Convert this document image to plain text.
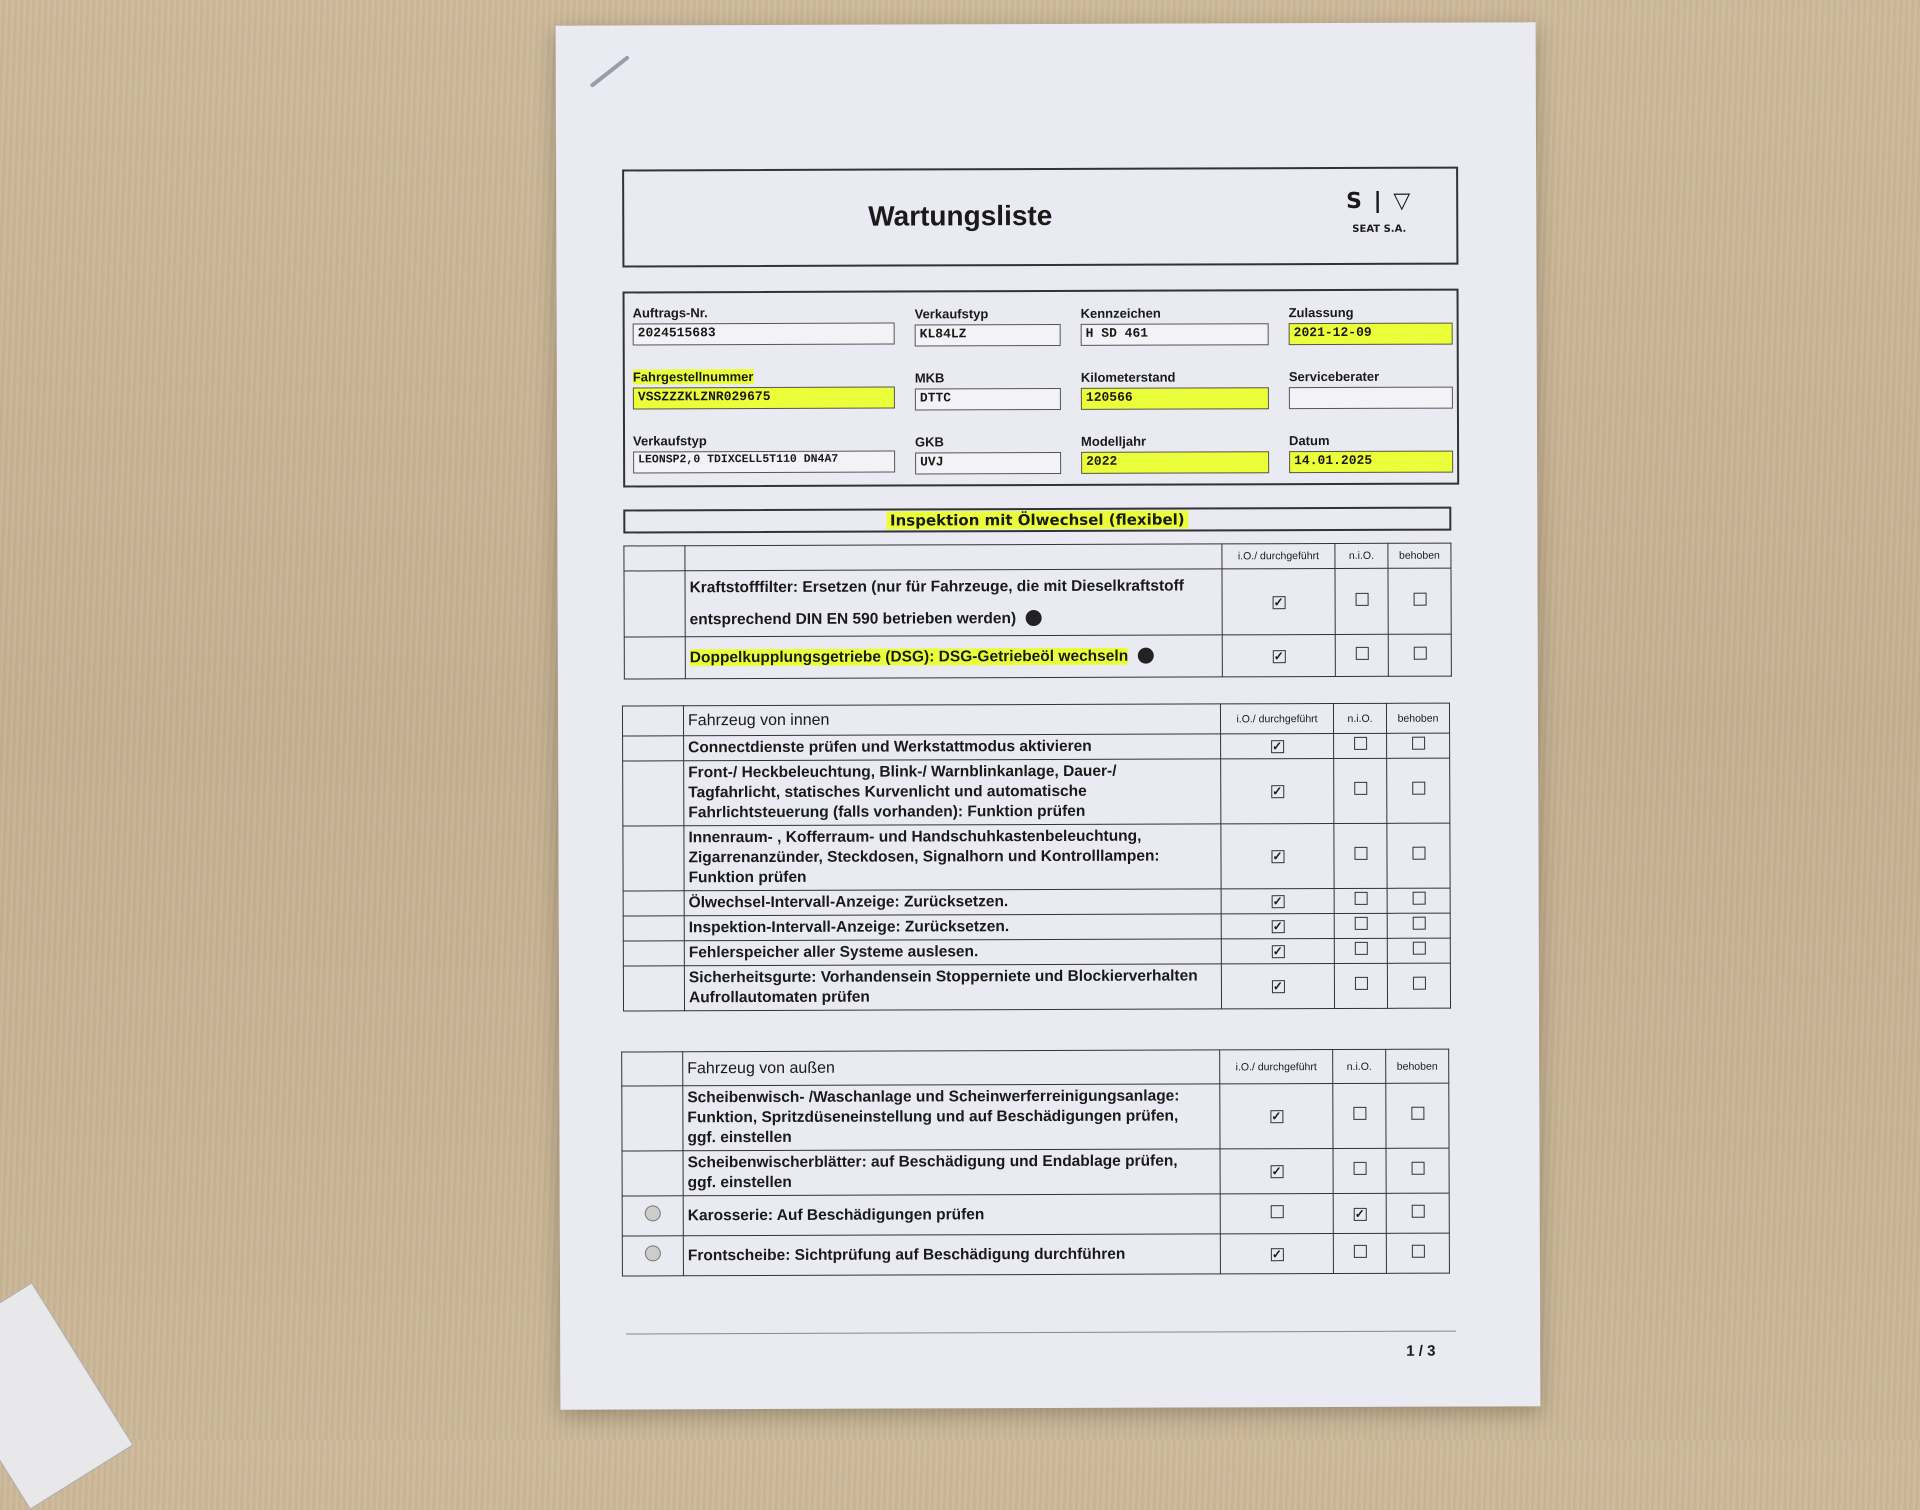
Wartungsliste	S | ▽
SEAT S.A.
Auftrags-Nr.
2024515683
Verkaufstyp
KL84LZ
Kennzeichen
H SD 461
Zulassung
2021-12-09
Fahrgestellnummer
VSSZZZKLZNR029675
MKB
DTTC
Kilometerstand
120566
Serviceberater
Verkaufstyp
LEONSP2,0 TDIXCELL5T110 DN4A7
GKB
UVJ
Modelljahr
2022
Datum
14.01.2025
Inspektion mit Ölwechsel (flexibel)
		i.O./ durchgeführt	n.i.O.	behoben

	Kraftstofffilter: Ersetzen (nur für Fahrzeuge, die mit Dieselkraftstoff
entsprechend DIN EN 590 betrieben werden)	✓		
	Doppelkupplungsgetriebe (DSG): DSG-Getriebeöl wechseln	✓		
	Fahrzeug von innen	i.O./ durchgeführt	n.i.O.	behoben
	Connectdienste prüfen und Werkstattmodus aktivieren	✓		

	Front-/ Heckbeleuchtung, Blink-/ Warnblinkanlage, Dauer-/
Tagfahrlicht, statisches Kurvenlicht und automatische
Fahrlichtsteuerung (falls vorhanden): Funktion prüfen	✓		

	Innenraum- , Kofferraum- und Handschuhkastenbeleuchtung,
Zigarrenanzünder, Steckdosen, Signalhorn und Kontrolllampen:
Funktion prüfen	✓		
	Ölwechsel-Intervall-Anzeige: Zurücksetzen.	✓		
	Inspektion-Intervall-Anzeige: Zurücksetzen.	✓		
	Fehlerspeicher aller Systeme auslesen.	✓		

	Sicherheitsgurte: Vorhandensein Stopperniete und Blockierverhalten
Aufrollautomaten prüfen	✓		
	Fahrzeug von außen	i.O./ durchgeführt	n.i.O.	behoben

	Scheibenwisch- /Waschanlage und Scheinwerferreinigungsanlage:
Funktion, Spritzdüseneinstellung und auf Beschädigungen prüfen,
ggf. einstellen	✓		

	Scheibenwischerblätter: auf Beschädigung und Endablage prüfen,
ggf. einstellen	✓		
	Karosserie: Auf Beschädigungen prüfen		✓	
	Frontscheibe: Sichtprüfung auf Beschädigung durchführen	✓		
1 / 3
